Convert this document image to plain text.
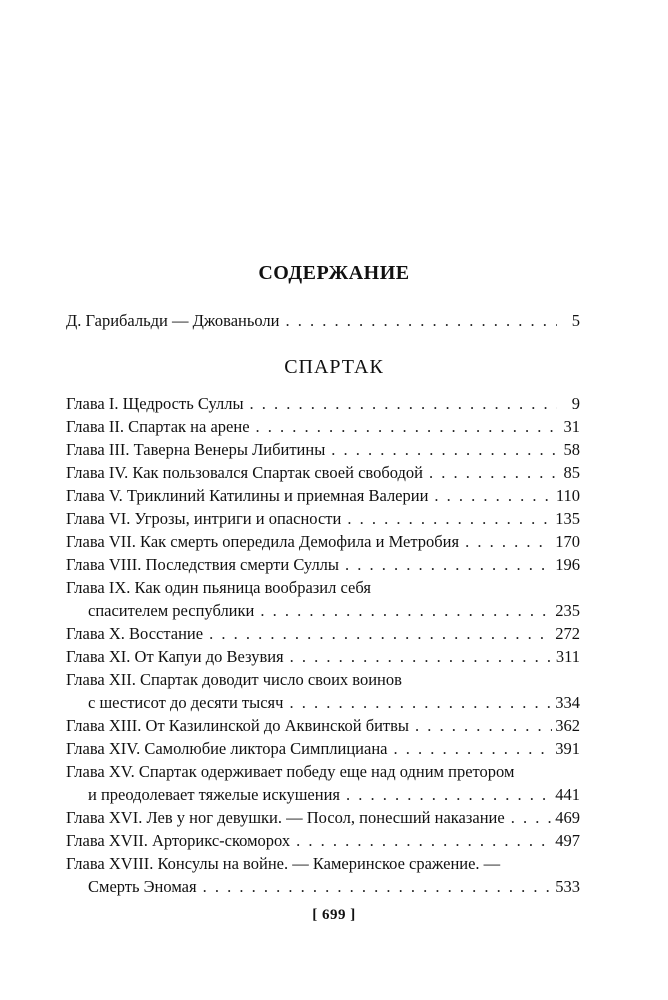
СОДЕРЖАНИЕ
Д. Гарибальди — Джованьоли . . .	5
СПАРТАК
Глава I. Щедрость Суллы . . .	9
Глава II. Спартак на арене . . .	31
Глава III. Таверна Венеры Либитины . . .	58
Глава IV. Как пользовался Спартак своей свободой . . .	85
Глава V. Триклиний Катилины и приемная Валерии . . .	110
Глава VI. Угрозы, интриги и опасности . . .	135
Глава VII. Как смерть опередила Демофила и Метробия . . .	170
Глава VIII. Последствия смерти Суллы . . .	196
Глава IX. Как один пьяница вообразил себя
спасителем республики . . .	235
Глава X. Восстание . . .	272
Глава XI. От Капуи до Везувия . . .	311
Глава XII. Спартак доводит число своих воинов
с шестисот до десяти тысяч . . .	334
Глава XIII. От Казилинской до Аквинской битвы . . .	362
Глава XIV. Самолюбие ликтора Симплициана . . .	391
Глава XV. Спартак одерживает победу еще над одним претором
и преодолевает тяжелые искушения . . .	441
Глава XVI. Лев у ног девушки. — Посол, понесший наказание . . .	469
Глава XVII. Арторикс-скоморох . . .	497
Глава XVIII. Консулы на войне. — Камеринское сражение. —
Смерть Эномая . . .	533
[ 699 ]
